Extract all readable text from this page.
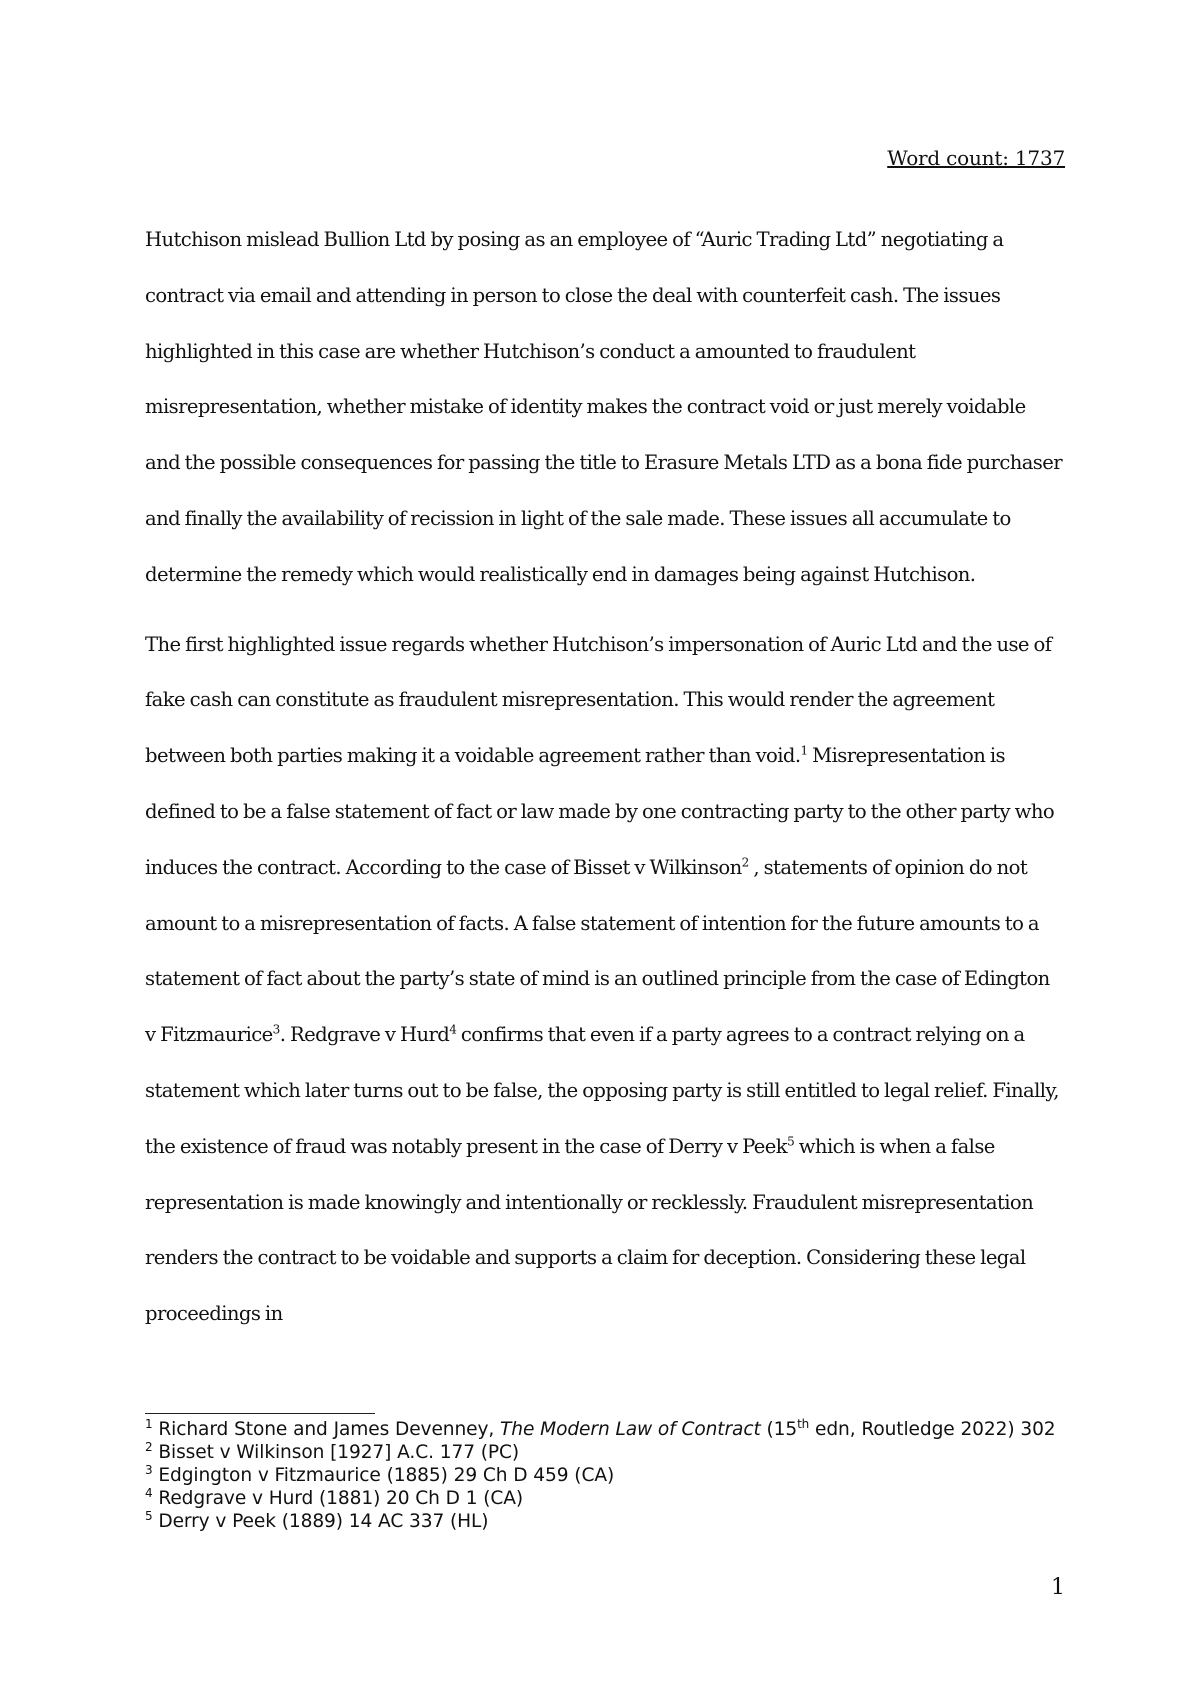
Word count: 1737

Hutchison mislead Bullion Ltd by posing as an employee of “Auric Trading Ltd” negotiating a contract via email and attending in person to close the deal with counterfeit cash. The issues highlighted in this case are whether Hutchison’s conduct a amounted to fraudulent misrepresentation, whether mistake of identity makes the contract void or just merely voidable and the possible consequences for passing the title to Erasure Metals LTD as a bona fide purchaser and finally the availability of recission in light of the sale made. These issues all accumulate to determine the remedy which would realistically end in damages being against Hutchison.

The first highlighted issue regards whether Hutchison’s impersonation of Auric Ltd and the use of fake cash can constitute as fraudulent misrepresentation. This would render the agreement between both parties making it a voidable agreement rather than void.$^1$ Misrepresentation is defined to be a false statement of fact or law made by one contracting party to the other party who induces the contract. According to the case of Bisset v Wilkinson$^2$ , statements of opinion do not amount to a misrepresentation of facts. A false statement of intention for the future amounts to a statement of fact about the party’s state of mind is an outlined principle from the case of Edington v Fitzmaurice$^3$. Redgrave v Hurd$^4$ confirms that even if a party agrees to a contract relying on a statement which later turns out to be false, the opposing party is still entitled to legal relief. Finally, the existence of fraud was notably present in the case of Derry v Peek$^5$ which is when a false representation is made knowingly and intentionally or recklessly. Fraudulent misrepresentation renders the contract to be voidable and supports a claim for deception. Considering these legal proceedings in

$^1$ Richard Stone and James Devenney, The Modern Law of Contract (15th edn, Routledge 2022) 302

$^2$ Bisset v Wilkinson [1927] A.C. 177 (PC)

$^3$ Edgington v Fitzmaurice (1885) 29 Ch D 459 (CA)

$^4$ Redgrave v Hurd (1881) 20 Ch D 1 (CA)

$^5$ Derry v Peek (1889) 14 AC 337 (HL)

1
